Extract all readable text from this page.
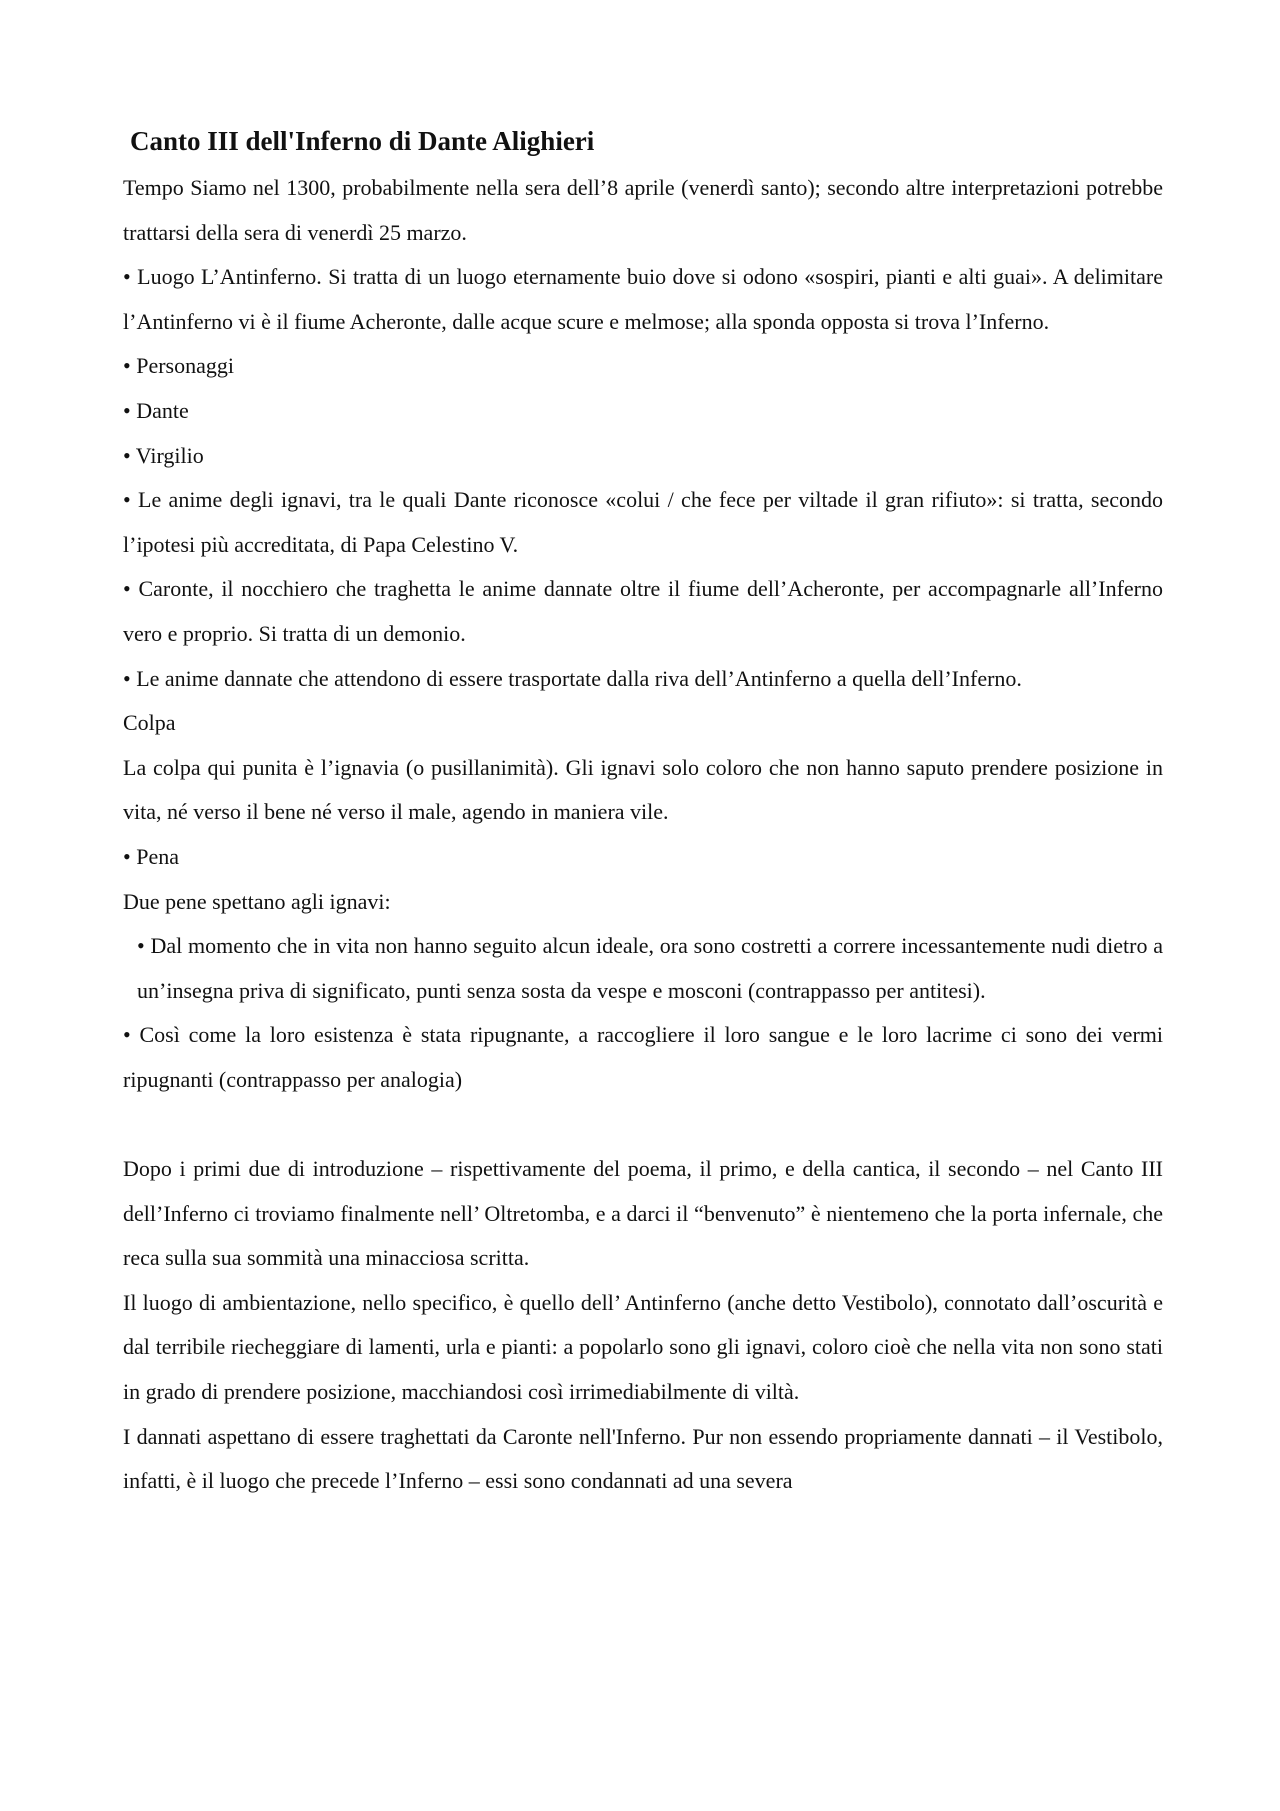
Canto III dell'Inferno di Dante Alighieri

Tempo Siamo nel 1300, probabilmente nella sera dell’8 aprile (venerdì santo); secondo altre interpretazioni potrebbe trattarsi della sera di venerdì 25 marzo.

• Luogo L’Antinferno. Si tratta di un luogo eternamente buio dove si odono «sospiri, pianti e alti guai». A delimitare l’Antinferno vi è il fiume Acheronte, dalle acque scure e melmose; alla sponda opposta si trova l’Inferno.

• Personaggi

• Dante

• Virgilio

• Le anime degli ignavi, tra le quali Dante riconosce «colui / che fece per viltade il gran rifiuto»: si tratta, secondo l’ipotesi più accreditata, di Papa Celestino V.

• Caronte, il nocchiero che traghetta le anime dannate oltre il fiume dell’Acheronte, per accompagnarle all’Inferno vero e proprio. Si tratta di un demonio.

• Le anime dannate che attendono di essere trasportate dalla riva dell’Antinferno a quella dell’Inferno.

Colpa

La colpa qui punita è l’ignavia (o pusillanimità). Gli ignavi solo coloro che non hanno saputo prendere posizione in vita, né verso il bene né verso il male, agendo in maniera vile.

• Pena

Due pene spettano agli ignavi:

• Dal momento che in vita non hanno seguito alcun ideale, ora sono costretti a correre incessantemente nudi dietro a un’insegna priva di significato, punti senza sosta da vespe e mosconi (contrappasso per antitesi).

• Così come la loro esistenza è stata ripugnante, a raccogliere il loro sangue e le loro lacrime ci sono dei vermi ripugnanti (contrappasso per analogia)

Dopo i primi due di introduzione – rispettivamente del poema, il primo, e della cantica, il secondo – nel Canto III dell’Inferno ci troviamo finalmente nell’ Oltretomba, e a darci il “benvenuto” è nientemeno che la porta infernale, che reca sulla sua sommità una minacciosa scritta.

Il luogo di ambientazione, nello specifico, è quello dell’ Antinferno (anche detto Vestibolo), connotato dall’oscurità e dal terribile riecheggiare di lamenti, urla e pianti: a popolarlo sono gli ignavi, coloro cioè che nella vita non sono stati in grado di prendere posizione, macchiandosi così irrimediabilmente di viltà.

I dannati aspettano di essere traghettati da Caronte nell'Inferno. Pur non essendo propriamente dannati – il Vestibolo, infatti, è il luogo che precede l’Inferno – essi sono condannati ad una severa
